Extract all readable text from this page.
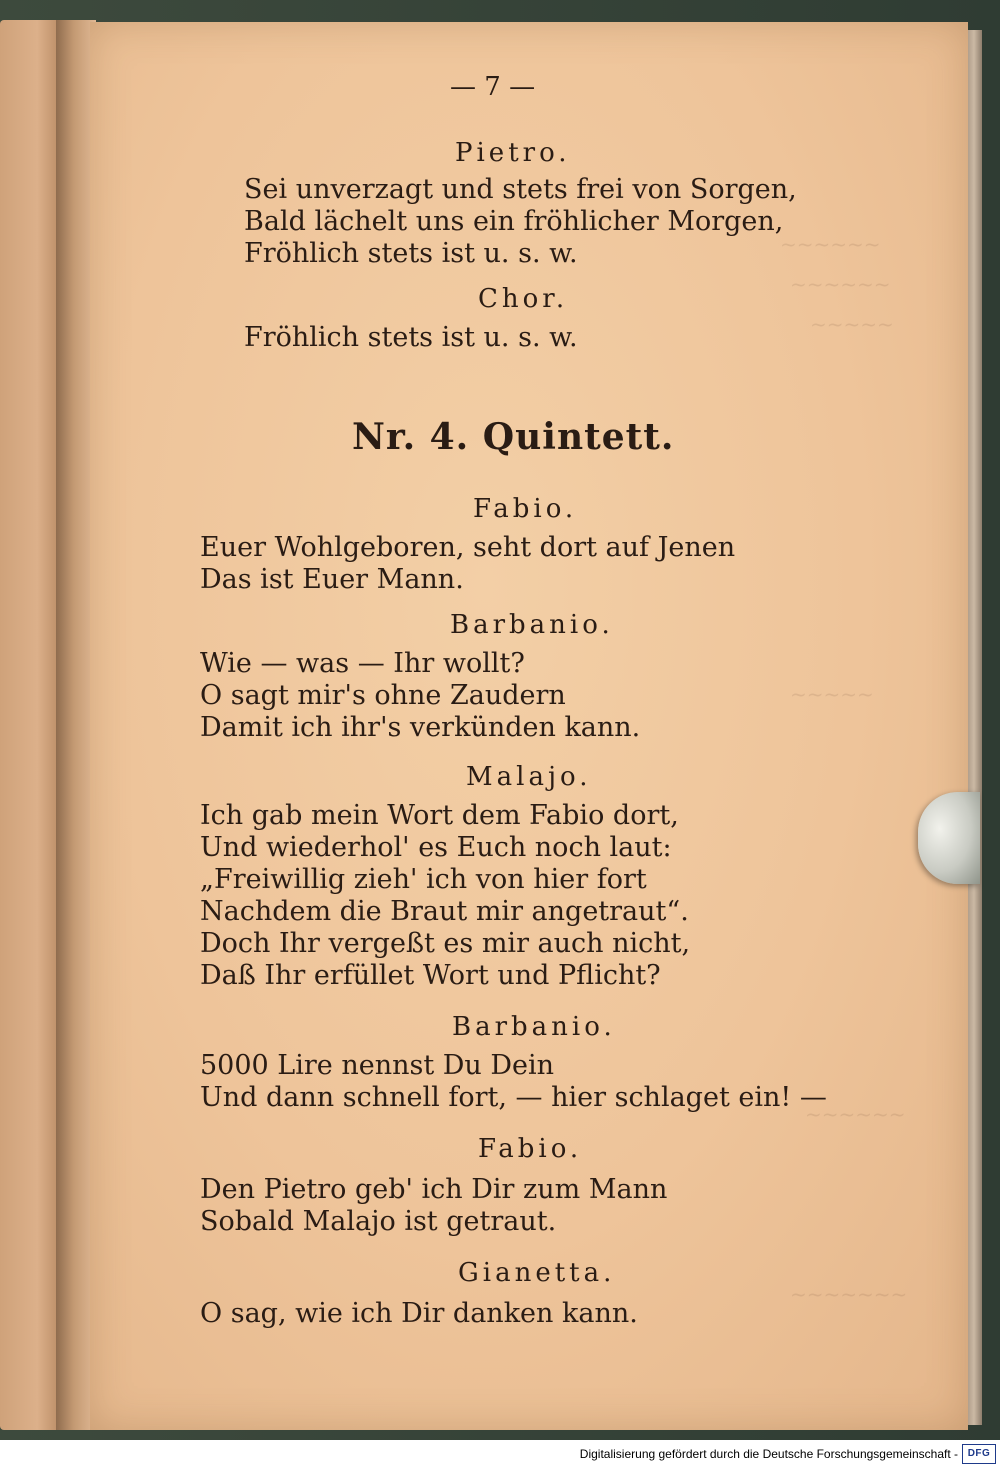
~~~~~~
~~~~~~
~~~~~
~~~~~
~~~~~~
~~~~~~~
— 7 —
Pietro.
Sei unverzagt und stets frei von Sorgen,
Bald lächelt uns ein fröhlicher Morgen,
Fröhlich stets ist u. s. w.
Chor.
Fröhlich stets ist u. s. w.
Nr. 4. Quintett.
Fabio.
Euer Wohlgeboren, seht dort auf Jenen
Das ist Euer Mann.
Barbanio.
Wie — was — Ihr wollt?
O sagt mir's ohne Zaudern
Damit ich ihr's verkünden kann.
Malajo.
Ich gab mein Wort dem Fabio dort,
Und wiederhol' es Euch noch laut:
„Freiwillig zieh' ich von hier fort
Nachdem die Braut mir angetraut“.
Doch Ihr vergeßt es mir auch nicht,
Daß Ihr erfüllet Wort und Pflicht?
Barbanio.
5000 Lire nennst Du Dein
Und dann schnell fort, — hier schlaget ein! —
Fabio.
Den Pietro geb' ich Dir zum Mann
Sobald Malajo ist getraut.
Gianetta.
O sag, wie ich Dir danken kann.
Digitalisierung gefördert durch die Deutsche Forschungsgemeinschaft - DFG
